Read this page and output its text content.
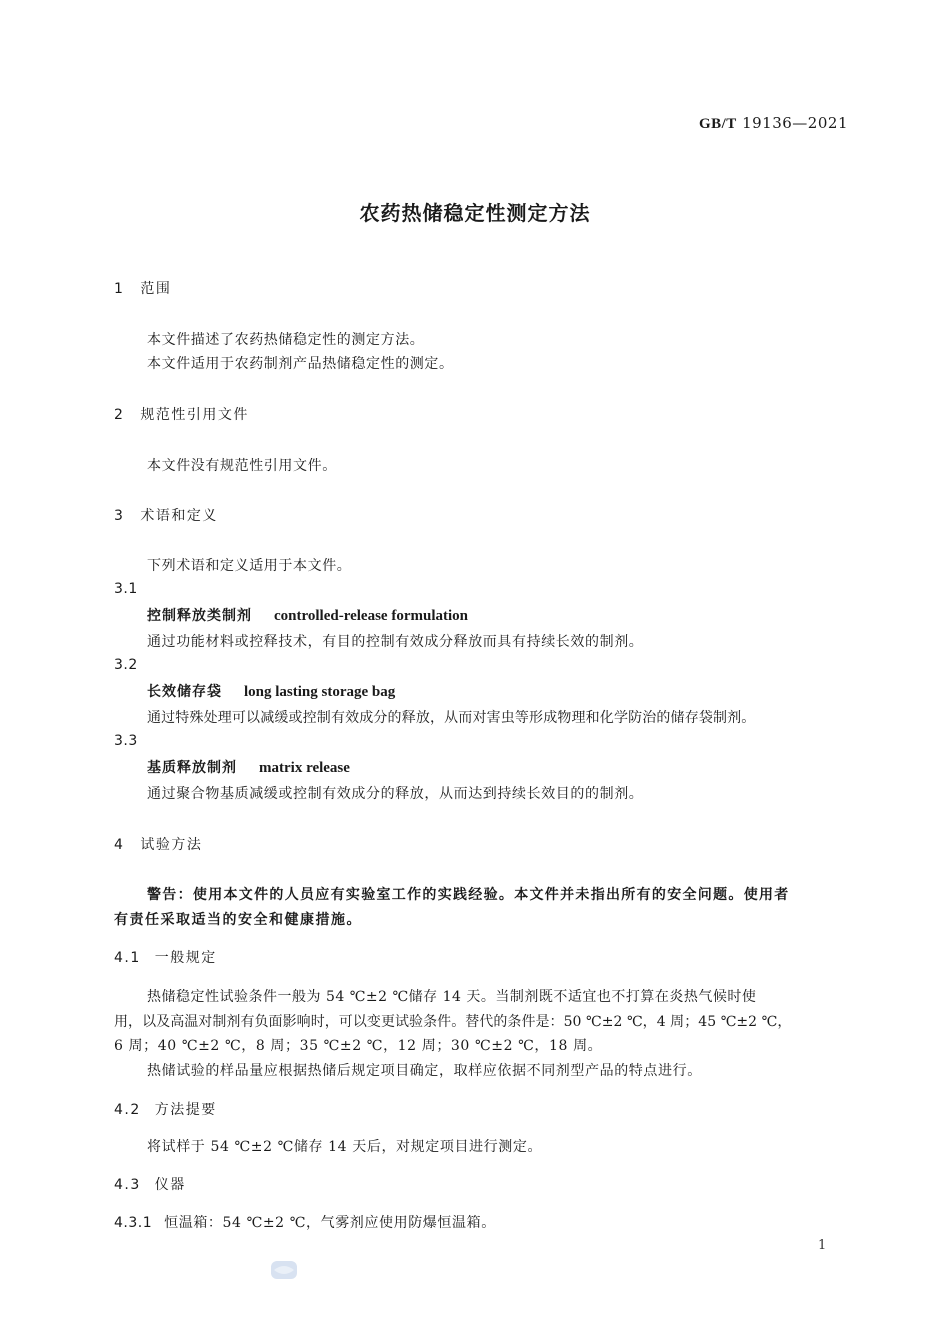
GB/T 19136—2021
农药热储稳定性测定方法
1 范围
本文件描述了农药热储稳定性的测定方法。
本文件适用于农药制剂产品热储稳定性的测定。
2 规范性引用文件
本文件没有规范性引用文件。
3 术语和定义
下列术语和定义适用于本文件。
3.1
控制释放类制剂 controlled-release formulation
通过功能材料或控释技术，有目的控制有效成分释放而具有持续长效的制剂。
3.2
长效储存袋 long lasting storage bag
通过特殊处理可以减缓或控制有效成分的释放，从而对害虫等形成物理和化学防治的储存袋制剂。
3.3
基质释放制剂 matrix release
通过聚合物基质减缓或控制有效成分的释放，从而达到持续长效目的的制剂。
4 试验方法
警告：使用本文件的人员应有实验室工作的实践经验。本文件并未指出所有的安全问题。使用者
有责任采取适当的安全和健康措施。
4.1 一般规定
热储稳定性试验条件一般为 54 ℃±2 ℃储存 14 天。当制剂既不适宜也不打算在炎热气候时使
用，以及高温对制剂有负面影响时，可以变更试验条件。替代的条件是：50 ℃±2 ℃，4 周；45 ℃±2 ℃，
6 周；40 ℃±2 ℃，8 周；35 ℃±2 ℃，12 周；30 ℃±2 ℃，18 周。
热储试验的样品量应根据热储后规定项目确定，取样应依据不同剂型产品的特点进行。
4.2 方法提要
将试样于 54 ℃±2 ℃储存 14 天后，对规定项目进行测定。
4.3 仪器
4.3.1 恒温箱：54 ℃±2 ℃，气雾剂应使用防爆恒温箱。
1
